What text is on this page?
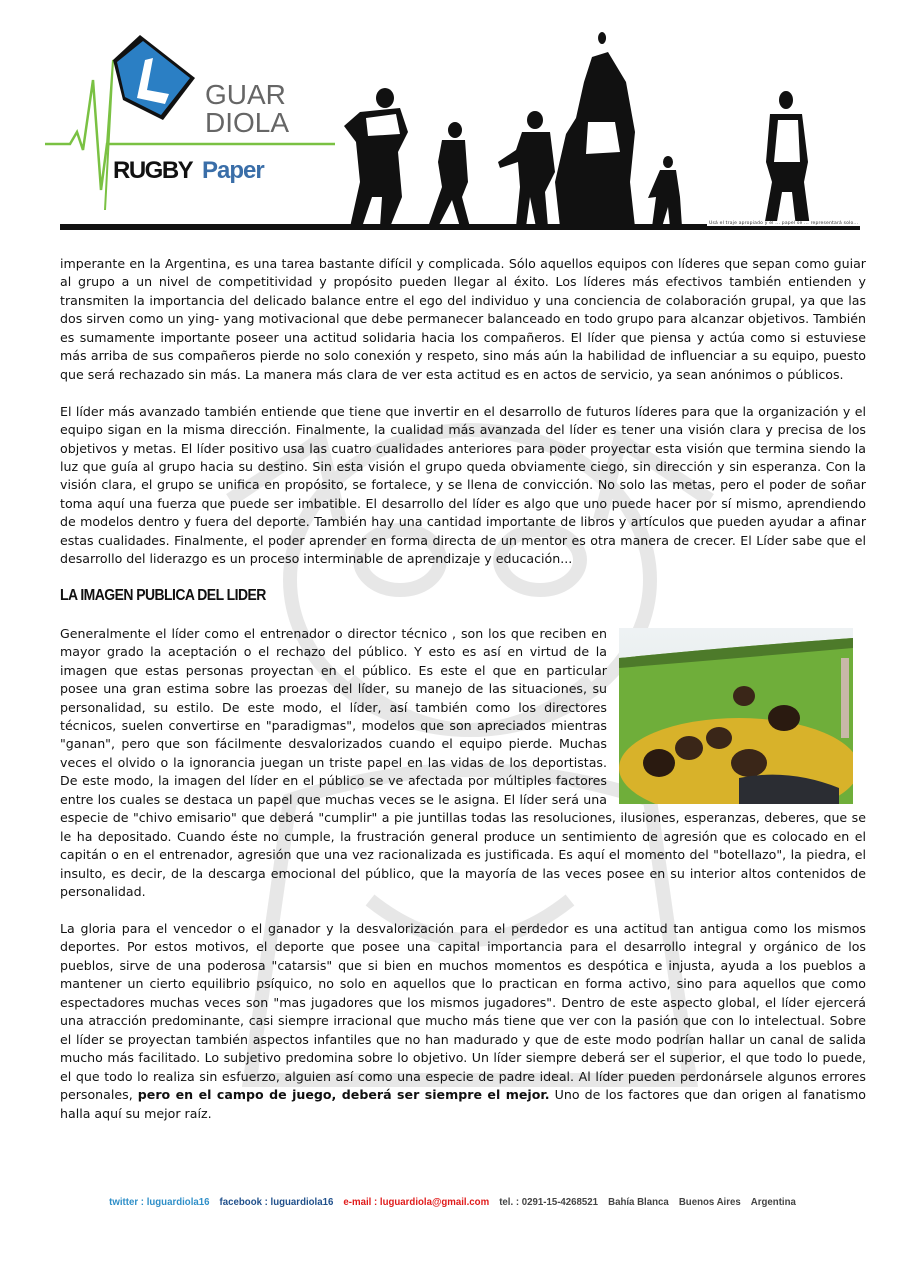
GUAR
DIOLA
RUGBY Paper
Usá el traje apropiado y el ... papel se ... representará solo...

imperante en la Argentina, es una tarea bastante difícil y complicada. Sólo aquellos equipos con líderes que sepan como guiar al grupo a un nivel de competitividad y propósito pueden llegar al éxito. Los líderes más efectivos también entienden y transmiten la importancia del delicado balance entre el ego del individuo y una conciencia de colaboración grupal, ya que las dos sirven como un ying- yang motivacional que debe permanecer balanceado en todo grupo para alcanzar objetivos. También es sumamente importante poseer una actitud solidaria hacia los compañeros. El líder que piensa y actúa como si estuviese más arriba de sus compañeros pierde no solo conexión y respeto, sino más aún la habilidad de influenciar a su equipo, puesto que será rechazado sin más. La manera más clara de ver esta actitud es en actos de servicio, ya sean anónimos o públicos.

El líder más avanzado también entiende que tiene que invertir en el desarrollo de futuros líderes para que la organización y el equipo sigan en la misma dirección. Finalmente, la cualidad más avanzada del líder es tener una visión clara y precisa de los objetivos y metas. El líder positivo usa las cuatro cualidades anteriores para poder proyectar esta visión que termina siendo la luz que guía al grupo hacia su destino. Sin esta visión el grupo queda obviamente ciego, sin dirección y sin esperanza. Con la visión clara, el grupo se unifica en propósito, se fortalece, y se llena de convicción. No solo las metas, pero el poder de soñar toma aquí una fuerza que puede ser imbatible. El desarrollo del líder es algo que uno puede hacer por sí mismo, aprendiendo de modelos dentro y fuera del deporte. También hay una cantidad importante de libros y artículos que pueden ayudar a afinar estas cualidades. Finalmente, el poder aprender en forma directa de un mentor es otra manera de crecer. El Líder sabe que el desarrollo del liderazgo es un proceso interminable de aprendizaje y educación...

LA IMAGEN PUBLICA DEL LIDER

Generalmente el líder como el entrenador o director técnico , son los que reciben en mayor grado la aceptación o el rechazo del público. Y esto es así en virtud de la imagen que estas personas proyectan en el público. Es este el que en particular posee una gran estima sobre las proezas del líder, su manejo de las situaciones, su personalidad, su estilo. De este modo, el líder, así también como los directores técnicos, suelen convertirse en "paradigmas", modelos que son apreciados mientras "ganan", pero que son fácilmente desvalorizados cuando el equipo pierde. Muchas veces el olvido o la ignorancia juegan un triste papel en las vidas de los deportistas. De este modo, la imagen del líder en el público se ve afectada por múltiples factores entre los cuales se destaca un papel que muchas veces se le asigna. El líder será una especie de "chivo emisario" que deberá "cumplir" a pie juntillas todas las resoluciones, ilusiones, esperanzas, deberes, que se le ha depositado. Cuando éste no cumple, la frustración general produce un sentimiento de agresión que es colocado en el capitán o en el entrenador, agresión que una vez racionalizada es justificada. Es aquí el momento del "botellazo", la piedra, el insulto, es decir, de la descarga emocional del público, que la mayoría de las veces posee en su interior altos contenidos de personalidad.

La gloria para el vencedor o el ganador y la desvalorización para el perdedor es una actitud tan antigua como los mismos deportes. Por estos motivos, el deporte que posee una capital importancia para el desarrollo integral y orgánico de los pueblos, sirve de una poderosa "catarsis" que si bien en muchos momentos es despótica e injusta, ayuda a los pueblos a mantener un cierto equilibrio psíquico, no solo en aquellos que lo practican en forma activo, sino para aquellos que como espectadores muchas veces son "mas jugadores que los mismos jugadores". Dentro de este aspecto global, el líder ejercerá una atracción predominante, casi siempre irracional que mucho más tiene que ver con la pasión que con lo intelectual. Sobre el líder se proyectan también aspectos infantiles que no han madurado y que de este modo podrían hallar un canal de salida mucho más facilitado. Lo subjetivo predomina sobre lo objetivo. Un líder siempre deberá ser el superior, el que todo lo puede, el que todo lo realiza sin esfuerzo, alguien así como una especie de padre ideal. Al líder pueden perdonársele algunos errores personales, pero en el campo de juego, deberá ser siempre el mejor. Uno de los factores que dan origen al fanatismo halla aquí su mejor raíz.

twitter : luguardiola16 facebook : luguardiola16 e-mail : luguardiola@gmail.com tel. : 0291-15-4268521 Bahía Blanca Buenos Aires Argentina
